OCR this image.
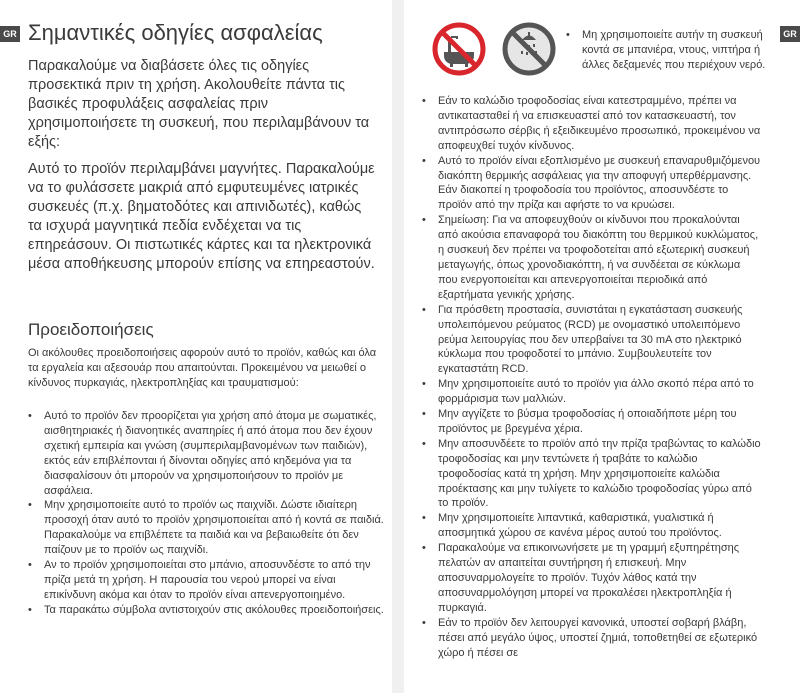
GR Σημαντικές οδηγίες ασφαλείας

Παρακαλούμε να διαβάσετε όλες τις οδηγίες προσεκτικά πριν τη χρήση. Ακολουθείτε πάντα τις βασικές προφυλάξεις ασφαλείας πριν χρησιμοποιήσετε τη συσκευή, που περιλαμβάνουν τα εξής:

Αυτό το προϊόν περιλαμβάνει μαγνήτες. Παρακαλούμε να τo φυλάσσετε μακριά από εμφυτευμένες ιατρικές συσκευές (π.χ. βηματοδότες και απινιδωτές), καθώς τα ισχυρά μαγνητικά πεδία ενδέχεται να τις επηρεάσουν. Οι πιστωτικές κάρτες και τα ηλεκτρονικά μέσα αποθήκευσης μπορούν επίσης να επηρεαστούν.

Προειδοποιήσεις

Οι ακόλουθες προειδοποιήσεις αφορούν αυτό το προϊόν, καθώς και όλα τα εργαλεία και αξεσουάρ που απαιτούνται. Προκειμένου να μειωθεί ο κίνδυνος πυρκαγιάς, ηλεκτροπληξίας και τραυματισμού:

• Αυτό το προϊόν δεν προορίζεται για χρήση από άτομα με σωματικές, αισθητηριακές ή διανοητικές αναπηρίες ή από άτομα που δεν έχουν σχετική εμπειρία και γνώση (συμπεριλαμβανομένων των παιδιών), εκτός εάν επιβλέπονται ή δίνονται οδηγίες από κηδεμόνα για τα διασφαλίσουν ότι μπορούν να χρησιμοποιήσουν το προϊόν με ασφάλεια.
• Μην χρησιμοποιείτε αυτό το προϊόν ως παιχνίδι. Δώστε ιδιαίτερη προσοχή όταν αυτό το προϊόν χρησιμοποιείται από ή κοντά σε παιδιά. Παρακαλούμε να επιβλέπετε τα παιδιά και να βεβαιωθείτε ότι δεν παίζουν με το προϊόν ως παιχνίδι.
• Αν το προϊόν χρησιμοποιείται στο μπάνιο, αποσυνδέστε το από την πρίζα μετά τη χρήση. Η παρουσία του νερού μπορεί να είναι επικίνδυνη ακόμα και όταν το προϊόν είναι απενεργοποιημένο.
• Τα παρακάτω σύμβολα αντιστοιχούν στις ακόλουθες προειδοποιήσεις.
GR

• Μη χρησιμοποιείτε αυτήν τη συσκευή κοντά σε μπανιέρα, ντους, νιπτήρα ή άλλες δεξαμενές που περιέχουν νερό.

• Εάν το καλώδιο τροφοδοσίας είναι κατεστραμμένο, πρέπει να αντικατασταθεί ή να επισκευαστεί από τον κατασκευαστή, τον αντιπρόσωπο σέρβις ή εξειδικευμένο προσωπικό, προκειμένου να αποφευχθεί τυχόν κίνδυνος.
• Αυτό το προϊόν είναι εξοπλισμένο με συσκευή επαναρυθμιζόμενου διακόπτη θερμικής ασφάλειας για την αποφυγή υπερθέρμανσης. Εάν διακοπεί η τροφοδοσία του προϊόντος, αποσυνδέστε το προϊόν από την πρίζα και αφήστε το να κρυώσει.
• Σημείωση: Για να αποφευχθούν οι κίνδυνοι που προκαλούνται από ακούσια επαναφορά του διακόπτη του θερμικού κυκλώματος, η συσκευή δεν πρέπει να τροφοδοτείται από εξωτερική συσκευή μεταγωγής, όπως χρονοδιακόπτη, ή να συνδέεται σε κύκλωμα που ενεργοποιείται και απενεργοποιείται περιοδικά από εξαρτήματα γενικής χρήσης.
• Για πρόσθετη προστασία, συνιστάται η εγκατάσταση συσκευής υπολειπόμενου ρεύματος (RCD) με ονομαστικό υπολειπόμενο ρεύμα λειτουργίας που δεν υπερβαίνει τα 30 mA στο ηλεκτρικό κύκλωμα που τροφοδοτεί το μπάνιο. Συμβουλευτείτε τον εγκαταστάτη RCD.
• Μην χρησιμοποιείτε αυτό το προϊόν για άλλο σκοπό πέρα από το φορμάρισμα των μαλλιών.
• Μην αγγίζετε το βύσμα τροφοδοσίας ή οποιαδήποτε μέρη του προϊόντος με βρεγμένα χέρια.
• Μην αποσυνδέετε το προϊόν από την πρίζα τραβώντας το καλώδιο τροφοδοσίας και μην τεντώνετε ή τραβάτε το καλώδιο τροφοδοσίας κατά τη χρήση. Μην χρησιμοποιείτε καλώδια προέκτασης και μην τυλίγετε το καλώδιο τροφοδοσίας γύρω από το προϊόν.
• Μην χρησιμοποιείτε λιπαντικά, καθαριστικά, γυαλιστικά ή αποσμητικά χώρου σε κανένα μέρος αυτού του προϊόντος.
• Παρακαλούμε να επικοινωνήσετε με τη γραμμή εξυπηρέτησης πελατών αν απαιτείται συντήρηση ή επισκευή. Μην αποσυναρμολογείτε το προϊόν. Τυχόν λάθος κατά την αποσυναρμολόγηση μπορεί να προκαλέσει ηλεκτροπληξία ή πυρκαγιά.
• Εάν το προϊόν δεν λειτουργεί κανονικά, υποστεί σοβαρή βλάβη, πέσει από μεγάλο ύψος, υποστεί ζημιά, τοποθετηθεί σε εξωτερικό χώρο ή πέσει σε
